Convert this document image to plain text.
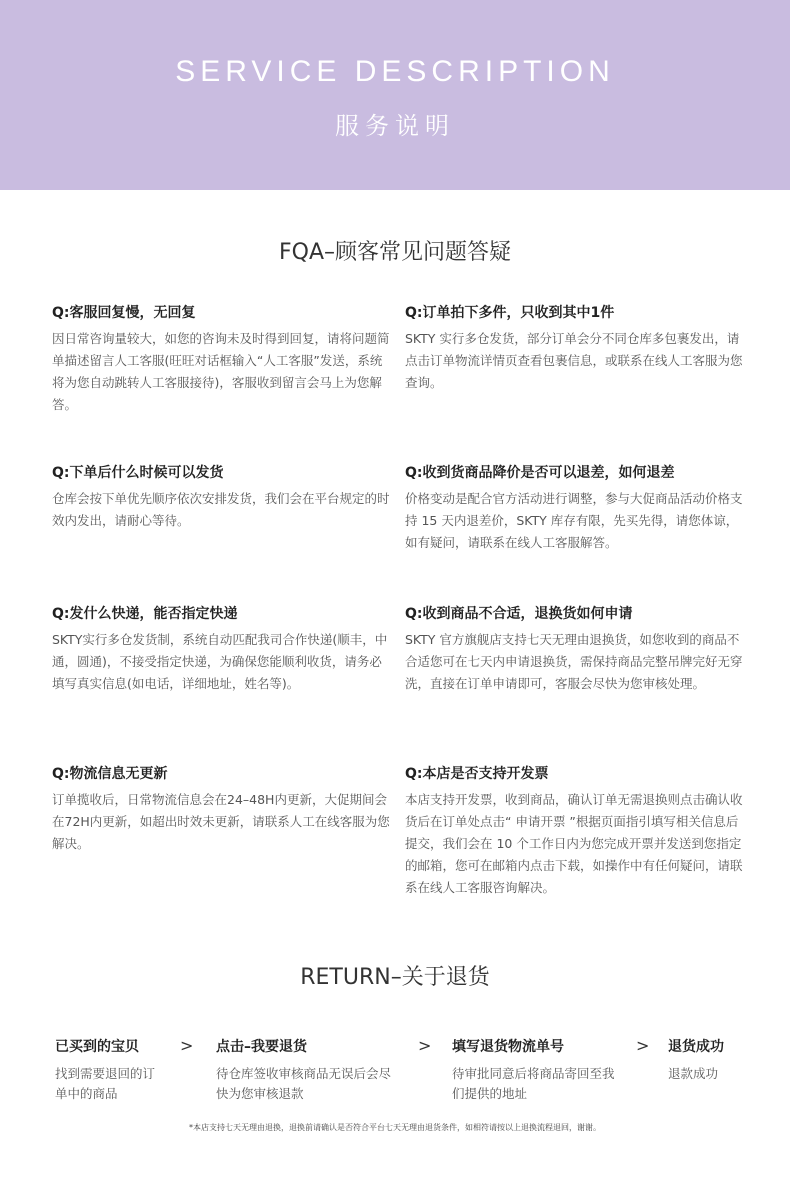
SERVICE DESCRIPTION
服务说明
FQA–顾客常见问题答疑
Q:客服回复慢，无回复
因日常咨询量较大，如您的咨询未及时得到回复，请将问题简单描述留言人工客服(旺旺对话框输入“人工客服”发送，系统将为您自动跳转人工客服接待)，客服收到留言会马上为您解答。
Q:订单拍下多件，只收到其中1件
SKTY 实行多仓发货，部分订单会分不同仓库多包裹发出，请点击订单物流详情页查看包裹信息，或联系在线人工客服为您查询。
Q:下单后什么时候可以发货
仓库会按下单优先顺序依次安排发货，我们会在平台规定的时效内发出，请耐心等待。
Q:收到货商品降价是否可以退差，如何退差
价格变动是配合官方活动进行调整，参与大促商品活动价格支持 15 天内退差价，SKTY 库存有限，先买先得，请您体谅，如有疑问，请联系在线人工客服解答。
Q:发什么快递，能否指定快递
SKTY实行多仓发货制，系统自动匹配我司合作快递(顺丰，中通，圆通)，不接受指定快递，为确保您能顺利收货，请务必填写真实信息(如电话，详细地址，姓名等)。
Q:收到商品不合适，退换货如何申请
SKTY 官方旗舰店支持七天无理由退换货，如您收到的商品不合适您可在七天内申请退换货，需保持商品完整吊牌完好无穿洗，直接在订单申请即可，客服会尽快为您审核处理。
Q:物流信息无更新
订单揽收后，日常物流信息会在24–48H内更新，大促期间会在72H内更新，如超出时效未更新，请联系人工在线客服为您解决。
Q:本店是否支持开发票
本店支持开发票，收到商品，确认订单无需退换则点击确认收货后在订单处点击“ 申请开票 ”根据页面指引填写相关信息后提交，我们会在 10 个工作日内为您完成开票并发送到您指定的邮箱，您可在邮箱内点击下载，如操作中有任何疑问，请联系在线人工客服咨询解决。
RETURN–关于退货
已买到的宝贝
找到需要退回的订单中的商品
> 点击–我要退货
待仓库签收审核商品无误后会尽快为您审核退款
> 填写退货物流单号
待审批同意后将商品寄回至我们提供的地址
> 退货成功
退款成功
*本店支持七天无理由退换，退换前请确认是否符合平台七天无理由退货条件，如相符请按以上退换流程退回，谢谢。
